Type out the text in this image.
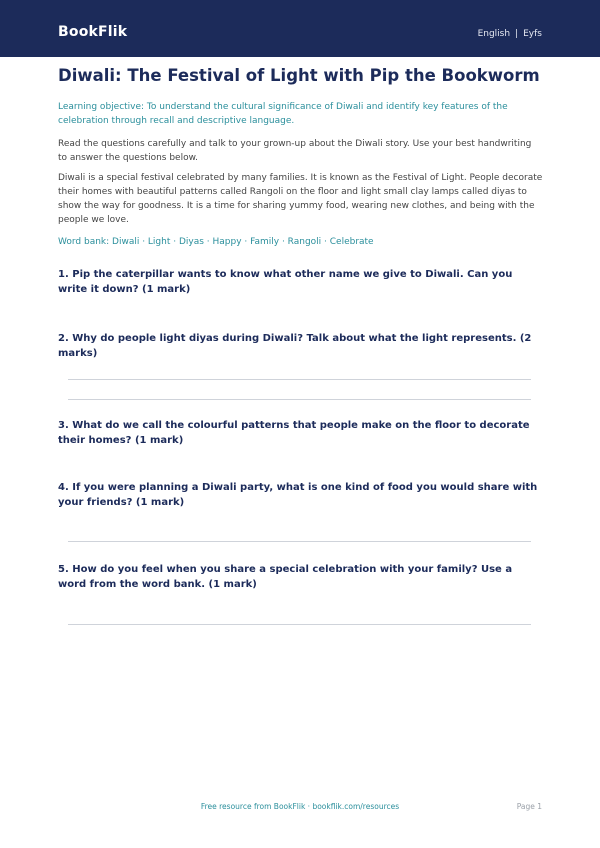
BookFlik	English | Eyfs
Diwali: The Festival of Light with Pip the Bookworm

Learning objective: To understand the cultural significance of Diwali and identify key features of the celebration through recall and descriptive language.

Read the questions carefully and talk to your grown-up about the Diwali story. Use your best handwriting to answer the questions below.

Diwali is a special festival celebrated by many families. It is known as the Festival of Light. People decorate their homes with beautiful patterns called Rangoli on the floor and light small clay lamps called diyas to show the way for goodness. It is a time for sharing yummy food, wearing new clothes, and being with the people we love.

Word bank: Diwali · Light · Diyas · Happy · Family · Rangoli · Celebrate

1. Pip the caterpillar wants to know what other name we give to Diwali. Can you write it down? (1 mark)

2. Why do people light diyas during Diwali? Talk about what the light represents. (2 marks)

3. What do we call the colourful patterns that people make on the floor to decorate their homes? (1 mark)

4. If you were planning a Diwali party, what is one kind of food you would share with your friends? (1 mark)

5. How do you feel when you share a special celebration with your family? Use a word from the word bank. (1 mark)

Free resource from BookFlik · bookflik.com/resources	Page 1
